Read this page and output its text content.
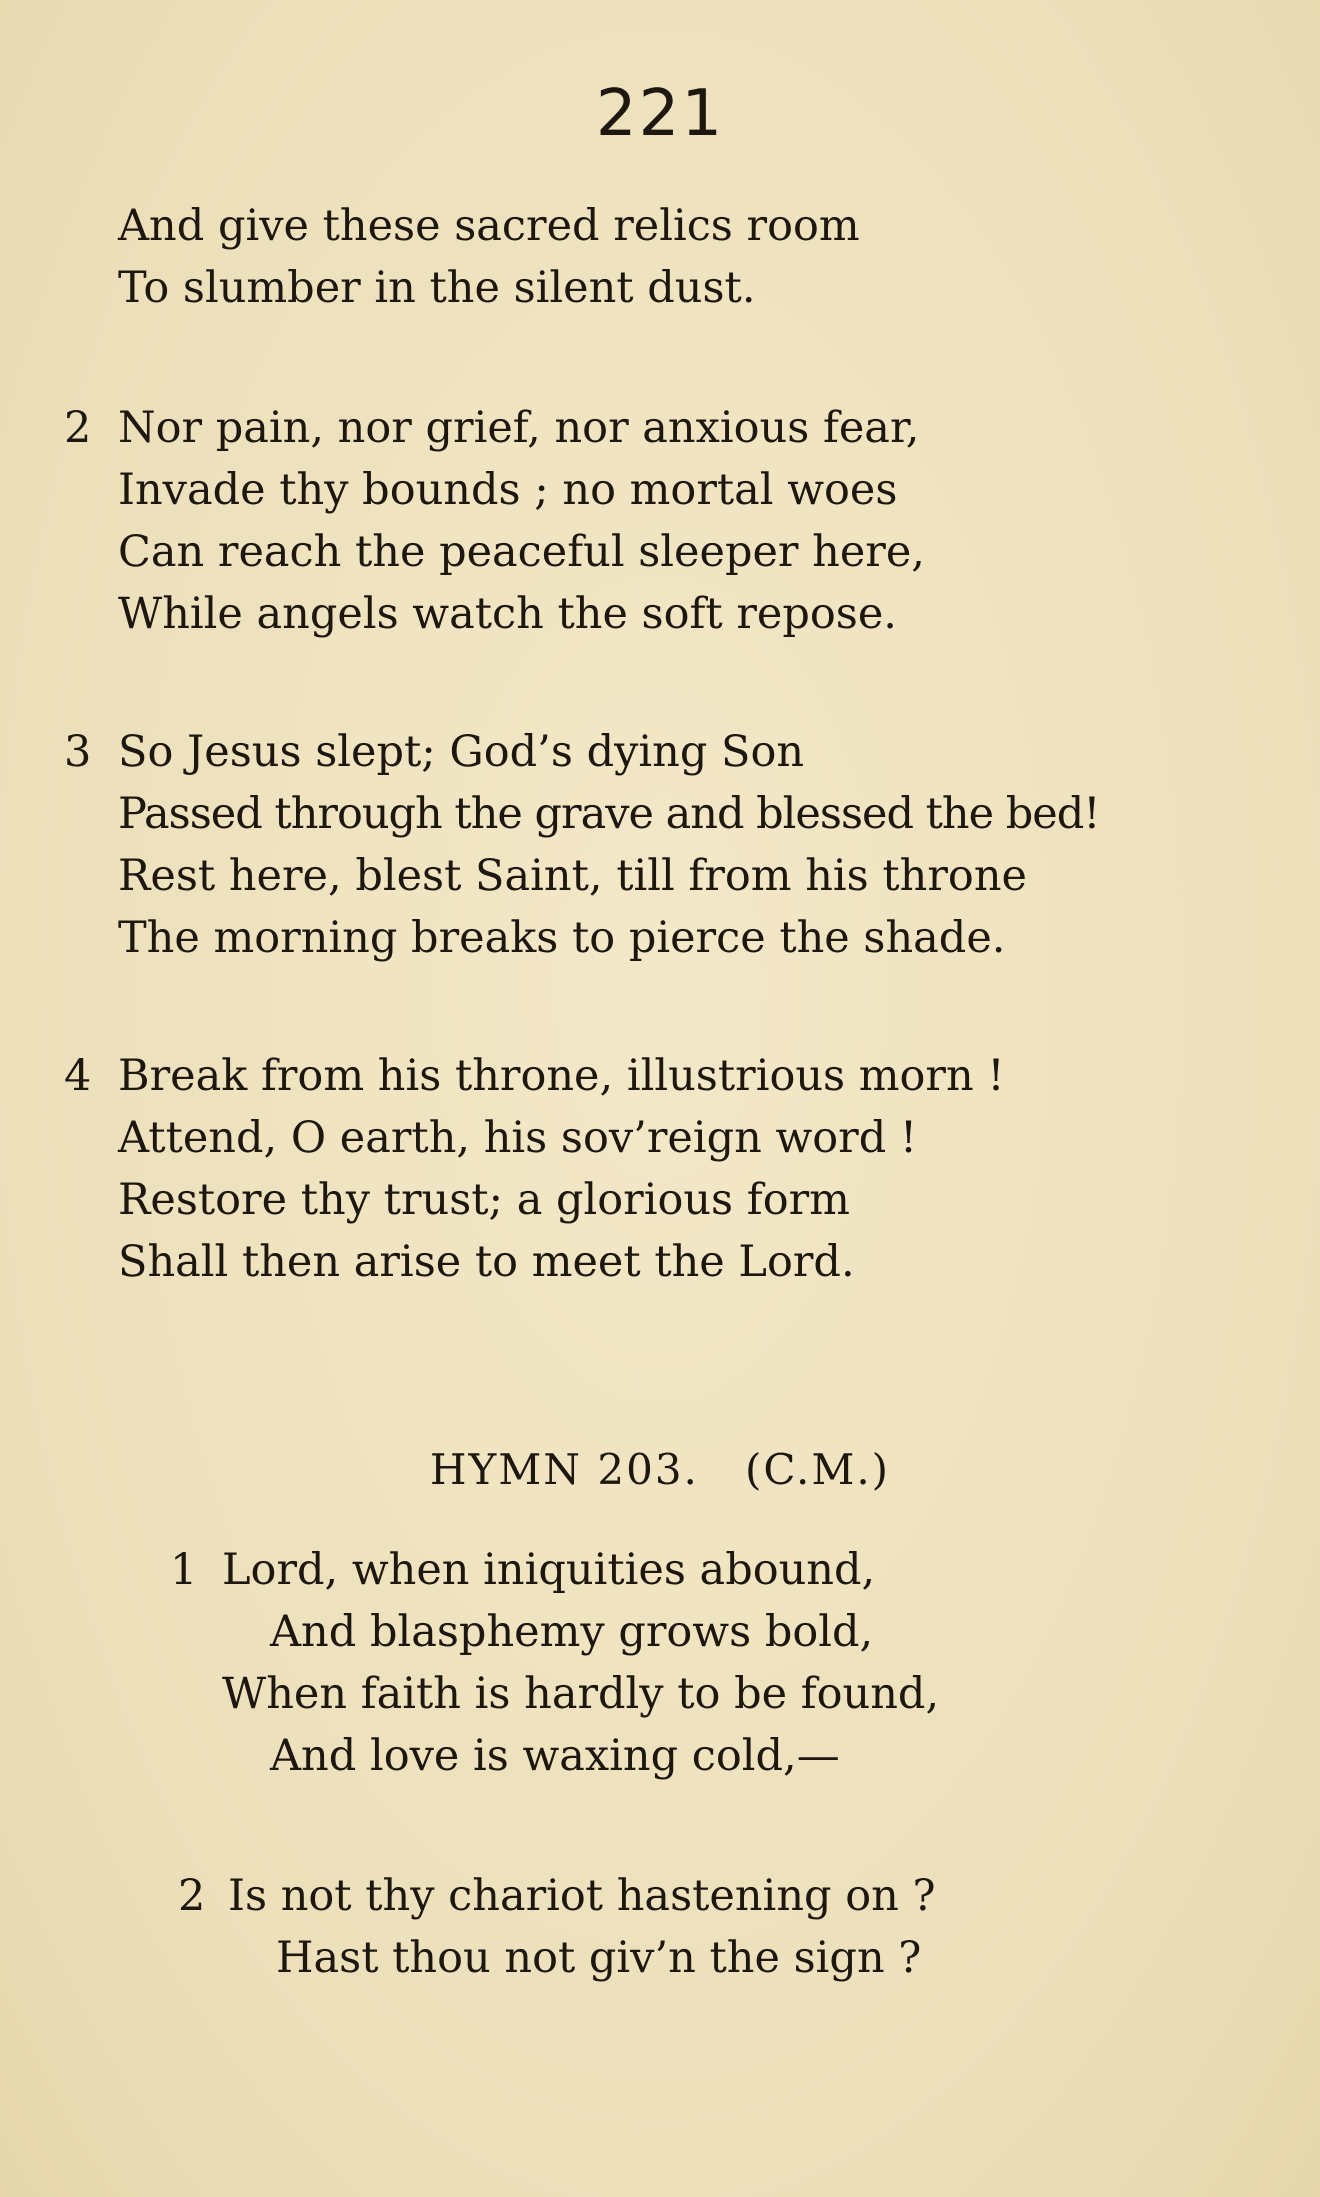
221
And give these sacred relics room
To slumber in the silent dust.
2 Nor pain, nor grief, nor anxious fear,
Invade thy bounds ; no mortal woes
Can reach the peaceful sleeper here,
While angels watch the soft repose.
3 So Jesus slept; God’s dying Son
Passed through the grave and blessed the bed!
Rest here, blest Saint, till from his throne
The morning breaks to pierce the shade.
4 Break from his throne, illustrious morn !
Attend, O earth, his sov’reign word !
Restore thy trust; a glorious form
Shall then arise to meet the Lord.
HYMN 203.   (C.M.)
1 Lord, when iniquities abound,
And blasphemy grows bold,
When faith is hardly to be found,
And love is waxing cold,—
2 Is not thy chariot hastening on ?
Hast thou not giv’n the sign ?
